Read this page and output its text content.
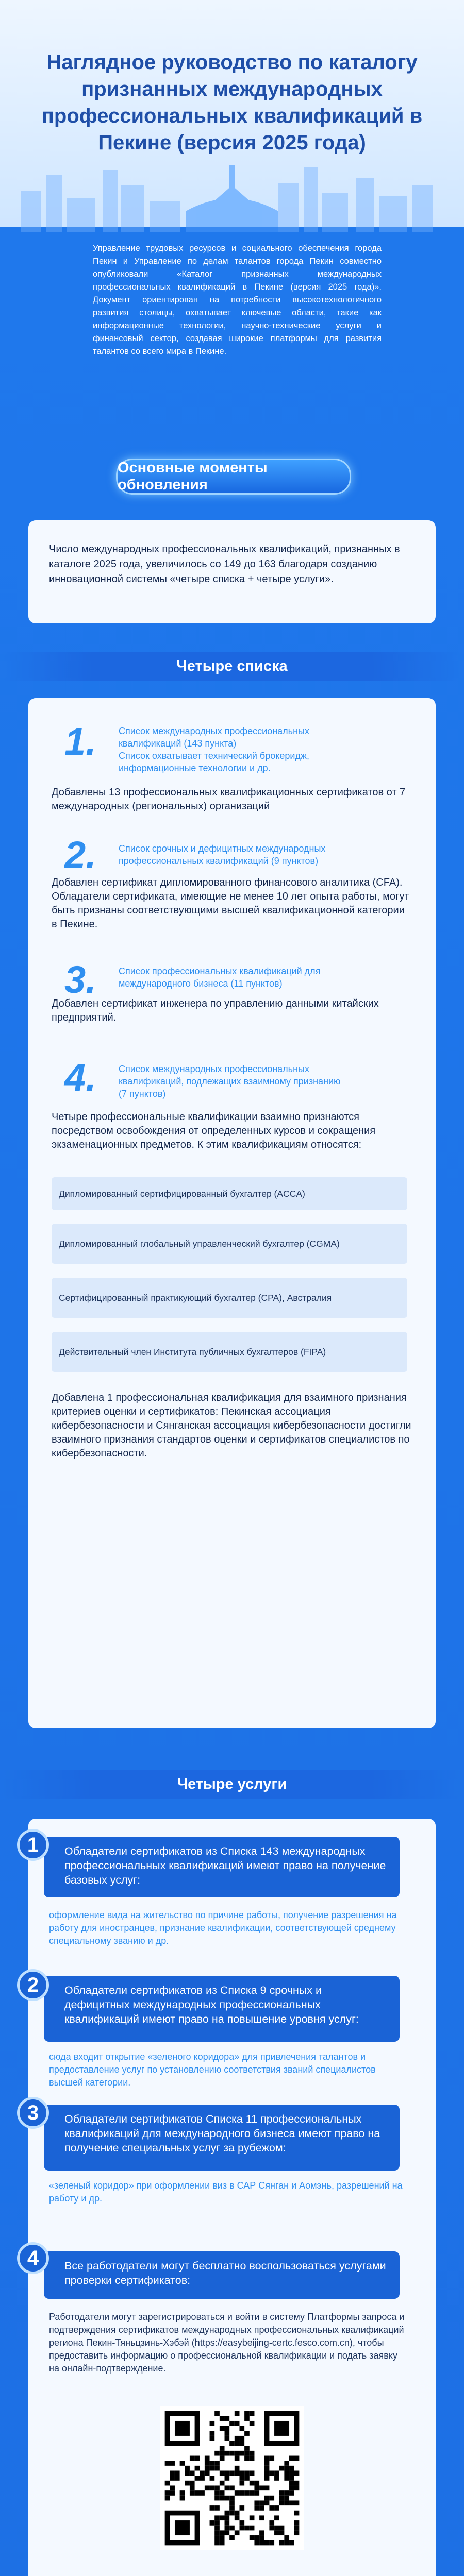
Наглядное руководство по каталогу признанных международных профессиональных квалификаций в Пекине (версия 2025 года)
Управление трудовых ресурсов и социального обеспечения города Пекин и Управление по делам талантов города Пекин совместно опубликовали «Каталог признанных международных профессиональных квалификаций в Пекине (версия 2025 года)». Документ ориентирован на потребности высокотехнологичного развития столицы, охватывает ключевые области, такие как информационные технологии, научно-технические услуги и финансовый сектор, создавая широкие платформы для развития талантов со всего мира в Пекине.
Основные моменты обновления
Число международных профессиональных квалификаций, признанных в каталоге 2025 года, увеличилось со 149 до 163 благодаря созданию инновационной системы «четыре списка + четыре услуги».
Четыре списка
1. Список международных профессиональных квалификаций (143 пункта)
Список охватывает технический брокеридж, информационные технологии и др.
Добавлены 13 профессиональных квалификационных сертификатов от 7 международных (региональных) организаций
2. Список срочных и дефицитных международных профессиональных квалификаций (9 пунктов)
Добавлен сертификат дипломированного финансового аналитика (CFA). Обладатели сертификата, имеющие не менее 10 лет опыта работы, могут быть признаны соответствующими высшей квалификационной категории в Пекине.
3. Список профессиональных квалификаций для международного бизнеса (11 пунктов)
Добавлен сертификат инженера по управлению данными китайских предприятий.
4. Список международных профессиональных квалификаций, подлежащих взаимному признанию (7 пунктов)
Четыре профессиональные квалификации взаимно признаются посредством освобождения от определенных курсов и сокращения экзаменационных предметов. К этим квалификациям относятся:
Дипломированный сертифицированный бухгалтер (ACCA)
Дипломированный глобальный управленческий бухгалтер (CGMA)
Сертифицированный практикующий бухгалтер (CPA), Австралия
Действительный член Института публичных бухгалтеров (FIPA)
Добавлена 1 профессиональная квалификация для взаимного признания критериев оценки и сертификатов: Пекинская ассоциация кибербезопасности и Сянганская ассоциация кибербезопасности достигли взаимного признания стандартов оценки и сертификатов специалистов по кибербезопасности.
Четыре услуги
Обладатели сертификатов из Списка 143 международных профессиональных квалификаций имеют право на получение базовых услуг:
1
оформление вида на жительство по причине работы, получение разрешения на работу для иностранцев, признание квалификации, соответствующей среднему специальному званию и др.
Обладатели сертификатов из Списка 9 срочных и дефицитных международных профессиональных квалификаций имеют право на повышение уровня услуг:
2
сюда входит открытие «зеленого коридора» для привлечения талантов и предоставление услуг по установлению соответствия званий специалистов высшей категории.
Обладатели сертификатов Списка 11 профессиональных квалификаций для международного бизнеса имеют право на получение специальных услуг за рубежом:
3
«зеленый коридор» при оформлении виз в САР Сянган и Аомэнь, разрешений на работу и др.
Все работодатели могут бесплатно воспользоваться услугами проверки сертификатов:
4
Работодатели могут зарегистрироваться и войти в систему Платформы запроса и подтверждения сертификатов международных профессиональных квалификаций региона Пекин-Тяньцзинь-Хэбэй (https://easybeijing-certc.fesco.com.cn), чтобы предоставить информацию о профессиональной квалификации и подать заявку на онлайн-подтверждение.
